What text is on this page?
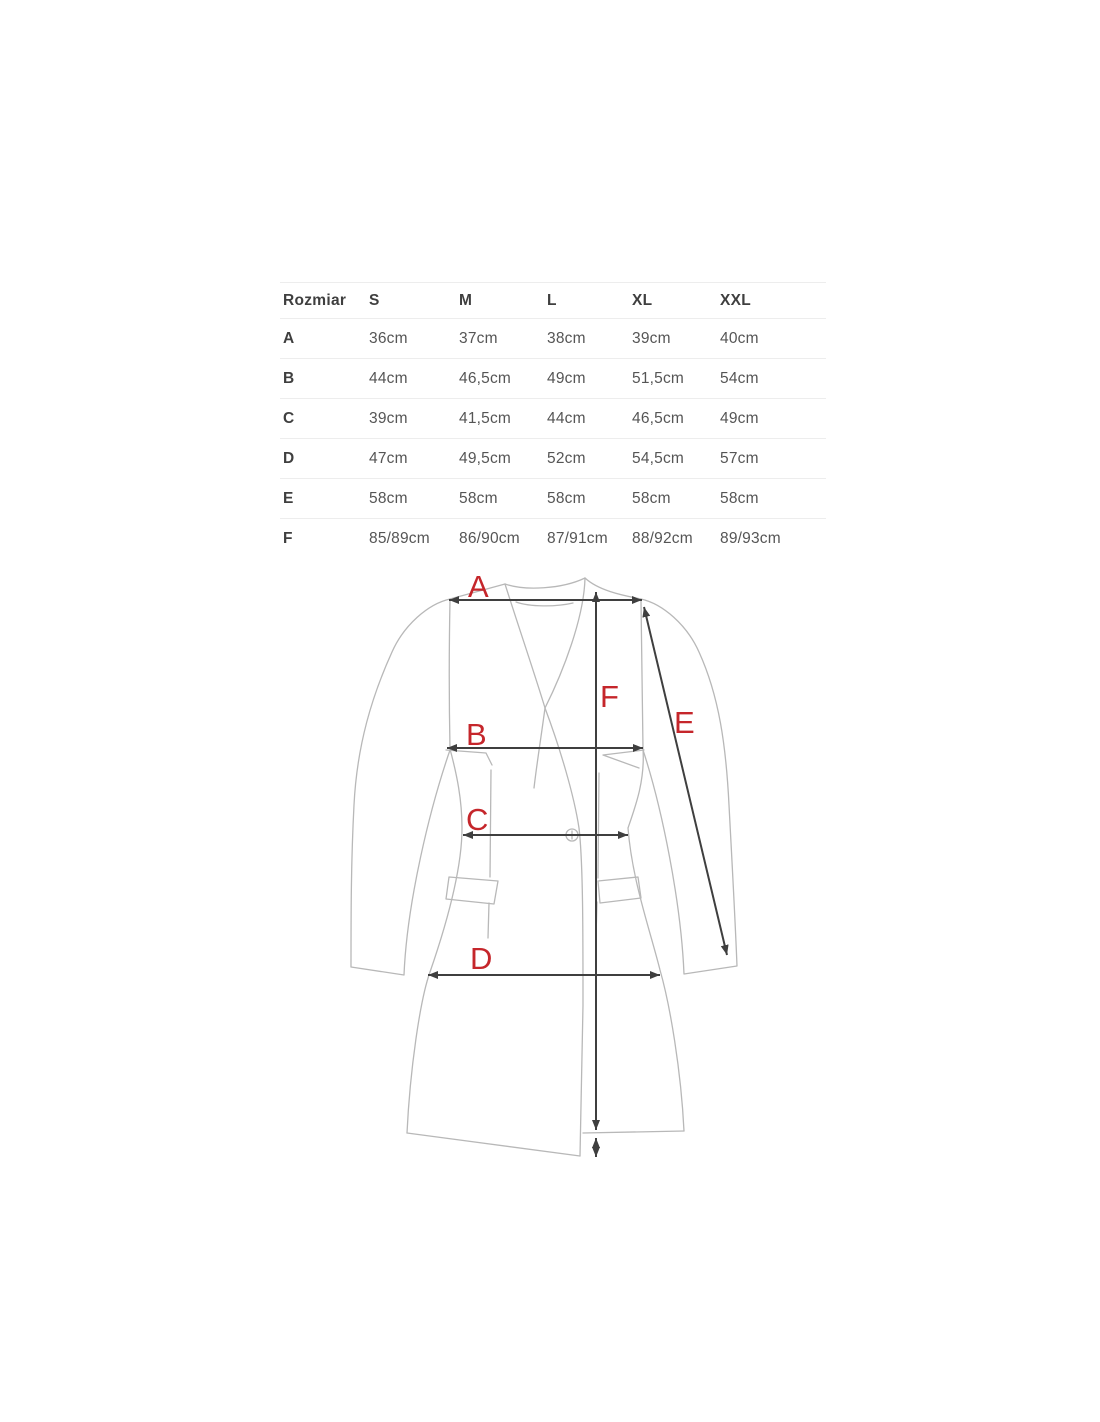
Rozmiar	S	M	L	XL	XXL
A	36cm	37cm	38cm	39cm	40cm
B	44cm	46,5cm	49cm	51,5cm	54cm
C	39cm	41,5cm	44cm	46,5cm	49cm
D	47cm	49,5cm	52cm	54,5cm	57cm
E	58cm	58cm	58cm	58cm	58cm
F	85/89cm	86/90cm	87/91cm	88/92cm	89/93cm
A
B
C
D
E
F
